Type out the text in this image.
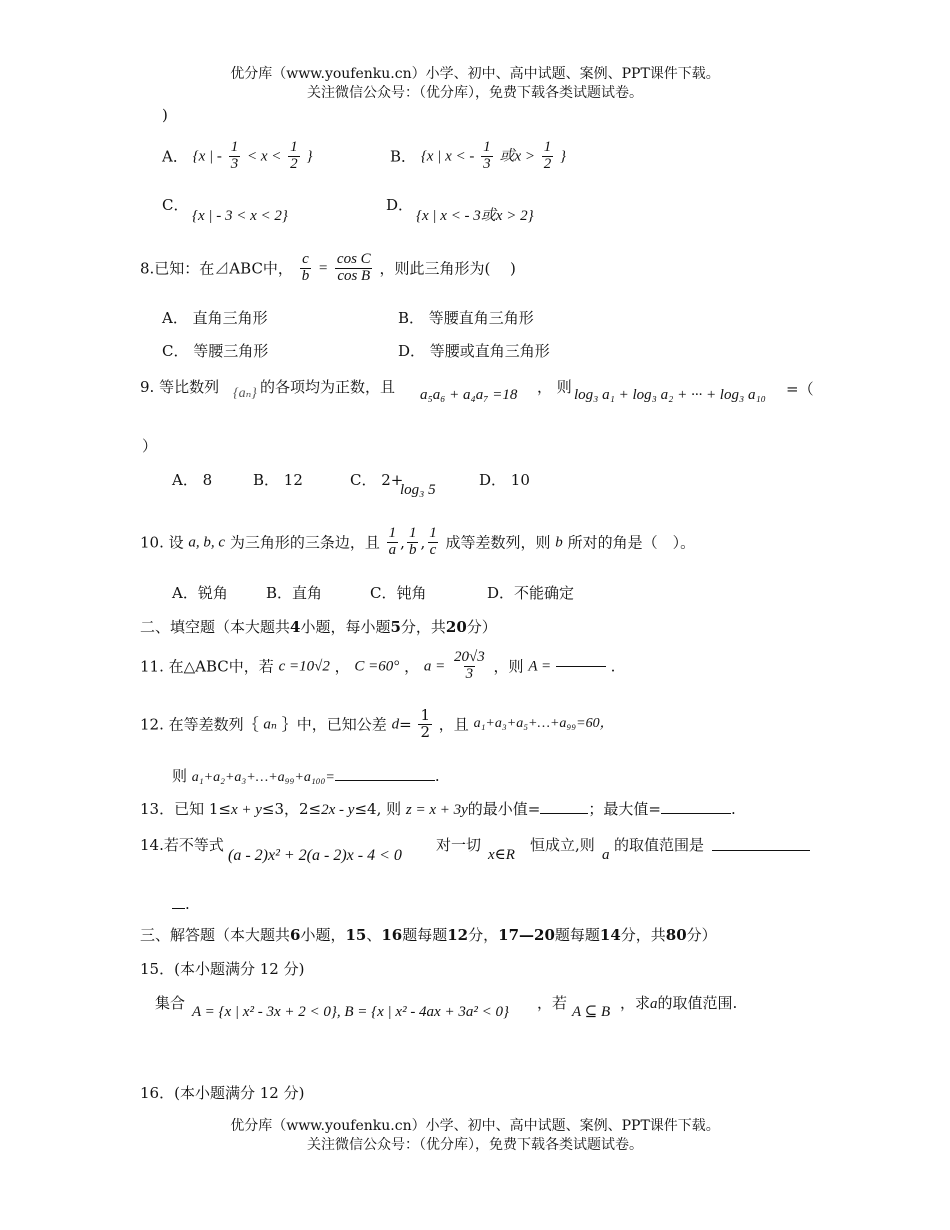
优分库（www.youfenku.cn）小学、初中、高中试题、案例、PPT课件下载。
关注微信公众号：（优分库），免费下载各类试题试卷。
)
A． {x | - $\frac{1}{3} < x < \frac{1}{2}$ }	B． {x | x < - $\frac{1}{3}$ 或$x > \frac{1}{2}$ }
C．
{x | - 3 < x < 2}
D．
{x | x < - 3或x > 2}
8.已知：在⊿ABC中， $\frac{c}{b} = \frac{\text{cos C}}{\text{cos B}}$ ，则此三角形为(　 )
A． 直角三角形	B． 等腰直角三角形
C． 等腰三角形	D． 等腰或直角三角形
9. 等比数列 {aₙ} 的各项均为正数，且 a₅a₆ + a₄a₇ =18 ， 则 log₃ a₁ + log₃ a₂ + ··· + log₃ a₁₀ =（
）
A． 8	B． 12	C． 2+
log₃ 5
D． 10
10. 设 a, b, c 为三角形的三条边，且 $\frac{1}{a}$ , $\frac{1}{b}$ , $\frac{1}{c}$ 成等差数列，则 b 所对的角是（　）。
A．锐角	B．直角	C．钝角	D．不能确定
二、填空题（本大题共4小题，每小题5分，共20分）
11. 在△ABC中，若 c =10√2 ， C =60° ， $a = \frac{20√3}{3}$ ，则 A =	.
12. 在等差数列｛ aₙ ｝中，已知公差 $d= \frac{1}{2}$ ，且 a₁+a₃+a₅+…+a₉₉=60，
则 a₁+a₂+a₃+…+a₉₉+a₁₀₀=	.
13．已知 1≤x + y≤3，2≤2x - y≤4, 则 z = x + 3y的最小值=	；最大值=	.
14.若不等式
(a - 2)x² + 2(a - 2)x - 4 < 0
对一切
x∈R
恒成立,则
a
的取值范围是
.
三、解答题（本大题共6小题，15、16题每题12分，17—20题每题14分，共80分）
15．(本小题满分 12 分)
集合 A = {x | x² - 3x + 2 < 0}, B = {x | x² - 4ax + 3a² < 0} ，若 A ⊆ B ，求a的取值范围.
16．(本小题满分 12 分)
优分库（www.youfenku.cn）小学、初中、高中试题、案例、PPT课件下载。
关注微信公众号：（优分库），免费下载各类试题试卷。
